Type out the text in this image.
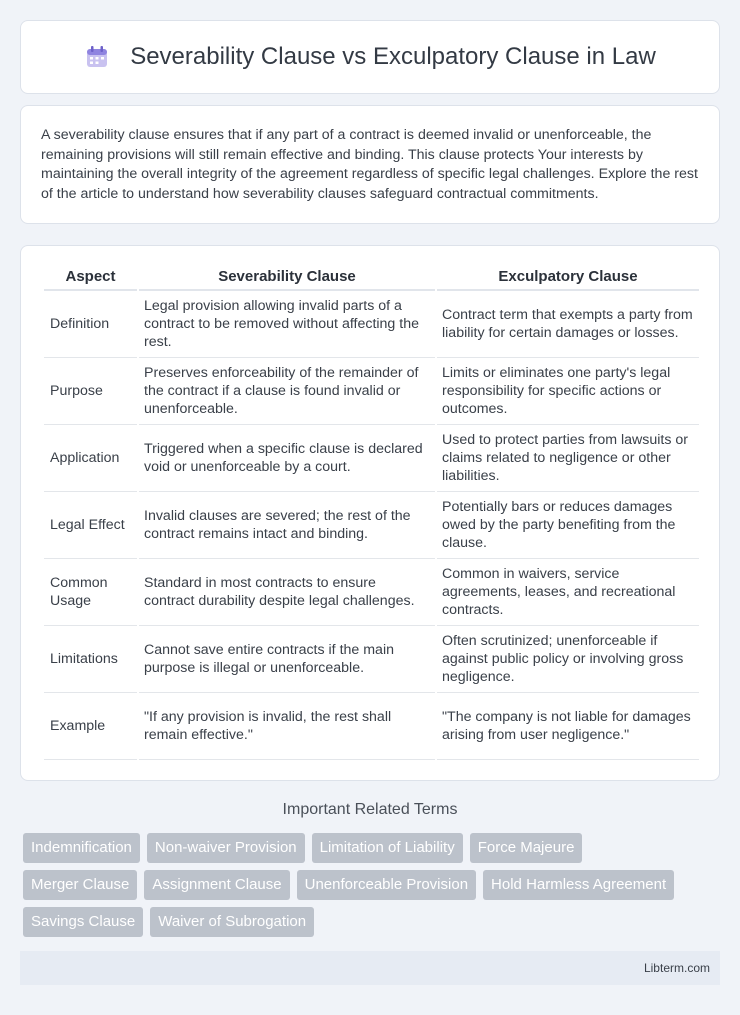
Severability Clause vs Exculpatory Clause in Law

A severability clause ensures that if any part of a contract is deemed invalid or unenforceable, the remaining provisions will still remain effective and binding. This clause protects Your interests by maintaining the overall integrity of the agreement regardless of specific legal challenges. Explore the rest of the article to understand how severability clauses safeguard contractual commitments.

Aspect	Severability Clause	Exculpatory Clause
Definition	Legal provision allowing invalid parts of a contract to be removed without affecting the rest.	Contract term that exempts a party from liability for certain damages or losses.
Purpose	Preserves enforceability of the remainder of the contract if a clause is found invalid or unenforceable.	Limits or eliminates one party's legal responsibility for specific actions or outcomes.
Application	Triggered when a specific clause is declared void or unenforceable by a court.	Used to protect parties from lawsuits or claims related to negligence or other liabilities.
Legal Effect	Invalid clauses are severed; the rest of the contract remains intact and binding.	Potentially bars or reduces damages owed by the party benefiting from the clause.
Common Usage	Standard in most contracts to ensure contract durability despite legal challenges.	Common in waivers, service agreements, leases, and recreational contracts.
Limitations	Cannot save entire contracts if the main purpose is illegal or unenforceable.	Often scrutinized; unenforceable if against public policy or involving gross negligence.
Example	"If any provision is invalid, the rest shall remain effective."	"The company is not liable for damages arising from user negligence."
Important Related Terms
Indemnification	Non-waiver Provision	Limitation of Liability	Force Majeure
Merger Clause	Assignment Clause	Unenforceable Provision	Hold Harmless Agreement
Savings Clause	Waiver of Subrogation
Libterm.com
